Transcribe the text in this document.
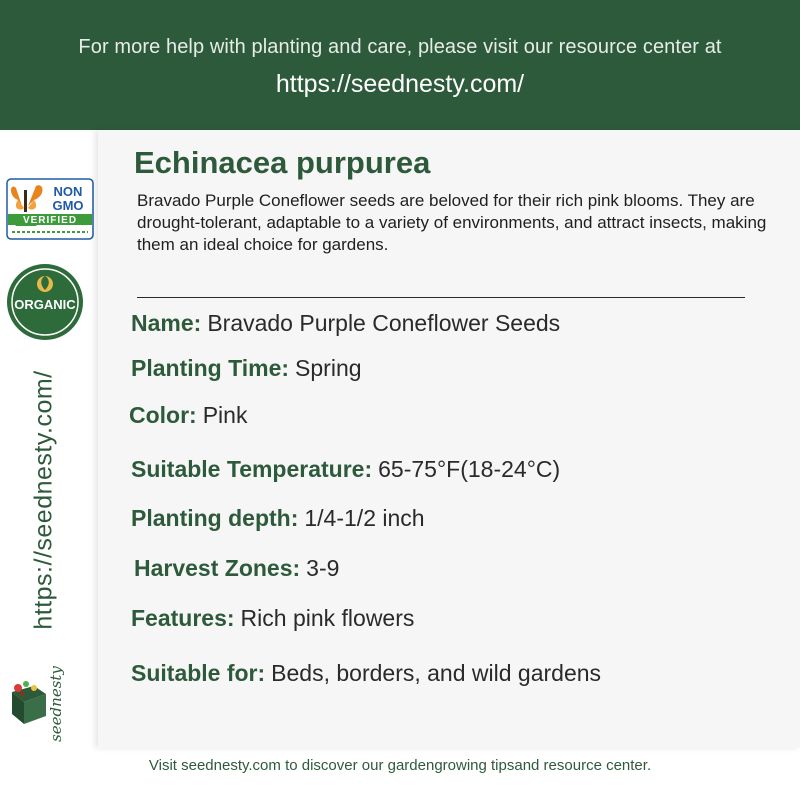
For more help with planting and care, please visit our resource center at
https://seednesty.com/
NON
GMO
VERIFIED
ORGANIC
https://seednesty.com/
seednesty
Echinacea purpurea
Bravado Purple Coneflower seeds are beloved for their rich pink blooms. They are drought-tolerant, adaptable to a variety of environments, and attract insects, making them an ideal choice for gardens.
Name: Bravado Purple Coneflower Seeds
Planting Time: Spring
Color: Pink
Suitable Temperature: 65-75°F(18-24°C)
Planting depth: 1/4-1/2 inch
Harvest Zones: 3-9
Features: Rich pink flowers
Suitable for: Beds, borders, and wild gardens
Visit seednesty.com to discover our gardengrowing tipsand resource center.
